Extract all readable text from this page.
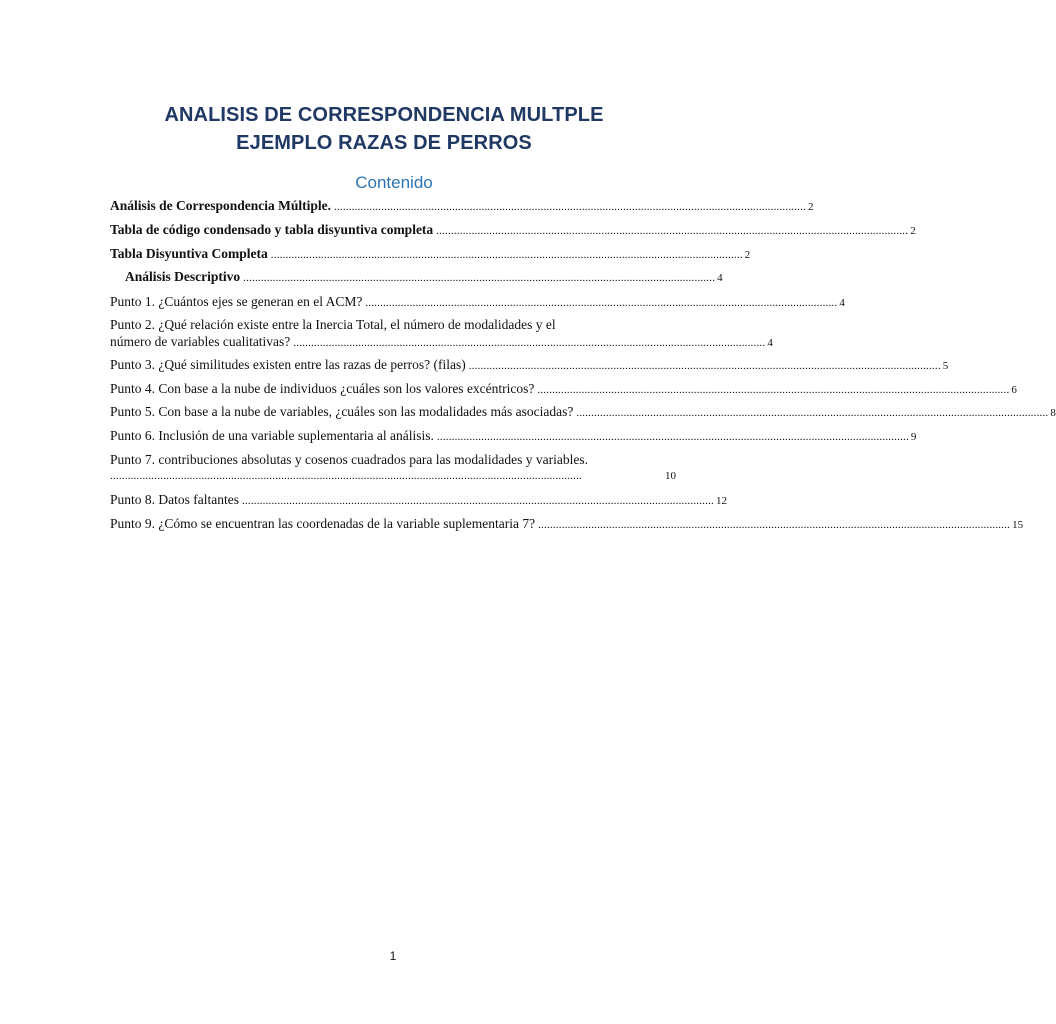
ANALISIS DE CORRESPONDENCIA MULTPLE
EJEMPLO RAZAS DE PERROS
Contenido
Análisis de Correspondencia Múltiple. ................................................................................................................................................................ 2
Tabla de código condensado y tabla disyuntiva completa ................................................................................................................................................................ 2
Tabla Disyuntiva Completa ................................................................................................................................................................ 2
Análisis Descriptivo ................................................................................................................................................................ 4
Punto 1. ¿Cuántos ejes se generan en el ACM? ................................................................................................................................................................ 4
Punto 2. ¿Qué relación existe entre la Inercia Total, el número de modalidades y el
número de variables cualitativas? ................................................................................................................................................................ 4
Punto 3. ¿Qué similitudes existen entre las razas de perros? (filas) ................................................................................................................................................................ 5
Punto 4. Con base a la nube de individuos ¿cuáles son los valores excéntricos? ................................................................................................................................................................ 6
Punto 5. Con base a la nube de variables, ¿cuáles son las modalidades más asociadas? ................................................................................................................................................................ 8
Punto 6. Inclusión de una variable suplementaria al análisis. ................................................................................................................................................................ 9
Punto 7. contribuciones absolutas y cosenos cuadrados para las modalidades y variables.
................................................................................................................................................................	10
Punto 8. Datos faltantes ................................................................................................................................................................ 12
Punto 9. ¿Cómo se encuentran las coordenadas de la variable suplementaria 7? ................................................................................................................................................................ 15
1
